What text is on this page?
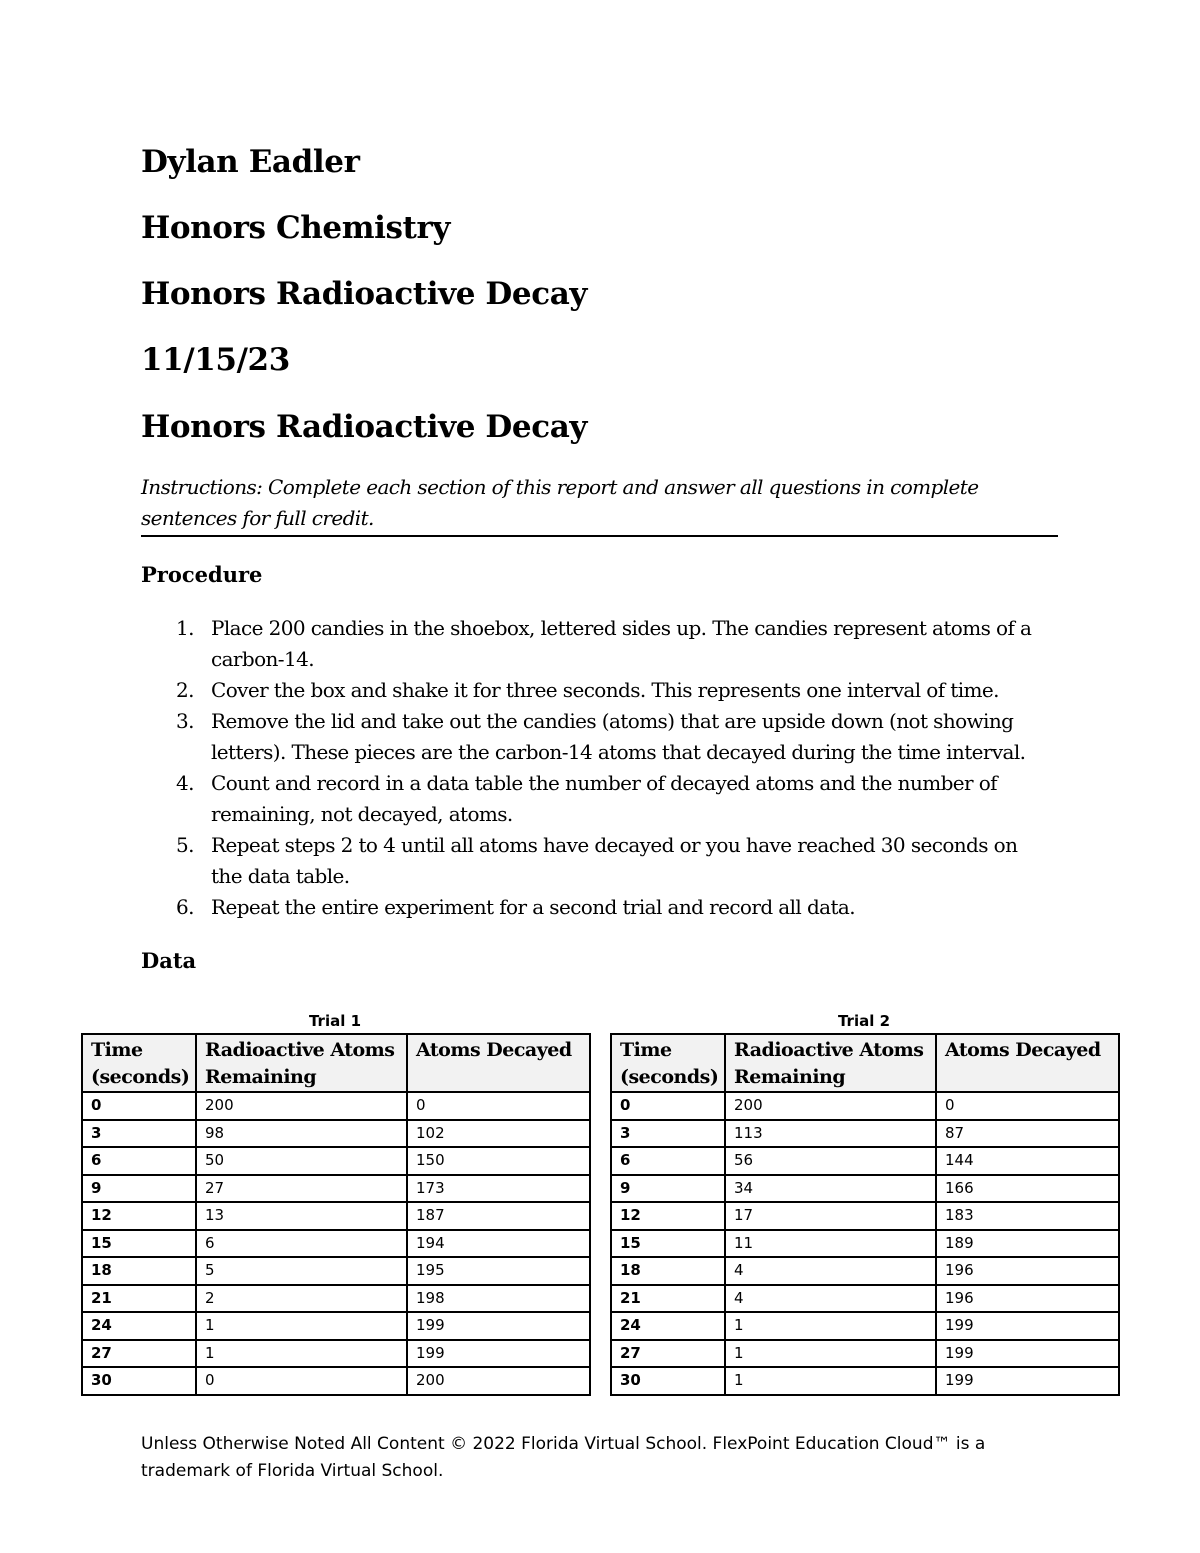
Dylan Eadler
Honors Chemistry
Honors Radioactive Decay
11/15/23
Honors Radioactive Decay

Instructions: Complete each section of this report and answer all questions in complete sentences for full credit.

Procedure
1. Place 200 candies in the shoebox, lettered sides up. The candies represent atoms of a carbon-14.
2. Cover the box and shake it for three seconds. This represents one interval of time.
3. Remove the lid and take out the candies (atoms) that are upside down (not showing letters). These pieces are the carbon-14 atoms that decayed during the time interval.
4. Count and record in a data table the number of decayed atoms and the number of remaining, not decayed, atoms.
5. Repeat steps 2 to 4 until all atoms have decayed or you have reached 30 seconds on the data table.
6. Repeat the entire experiment for a second trial and record all data.
Data

Trial 1

Time (seconds)	Radioactive Atoms Remaining	Atoms Decayed
0	200	0
3	98	102
6	50	150
9	27	173
12	13	187
15	6	194
18	5	195
21	2	198
24	1	199
27	1	199
30	0	200

Trial 2

Time (seconds)	Radioactive Atoms Remaining	Atoms Decayed
0	200	0
3	113	87
6	56	144
9	34	166
12	17	183
15	11	189
18	4	196
21	4	196
24	1	199
27	1	199
30	1	199

Unless Otherwise Noted All Content © 2022 Florida Virtual School. FlexPoint Education Cloud™ is a trademark of Florida Virtual School.
